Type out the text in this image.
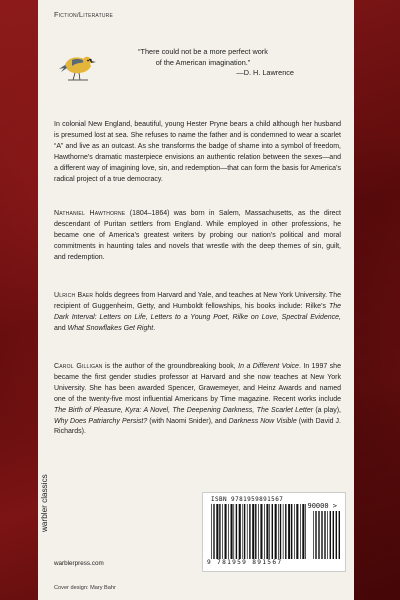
Fiction/Literature
“There could not be a more perfect work
of the American imagination.”

—D. H. Lawrence

In colonial New England, beautiful, young Hester Pryne bears a child although her husband is presumed lost at sea. She refuses to name the father and is condemned to wear a scarlet “A” and live as an outcast. As she transforms the badge of shame into a symbol of freedom, Hawthorne’s dramatic masterpiece envisions an authentic relation between the sexes—and a different way of imagining love, sin, and redemption—that can form the basis for America’s radical project of a true democracy.

Nathaniel Hawthorne (1804–1864) was born in Salem, Massachusetts, as the direct descendant of Puritan settlers from England. While employed in other professions, he became one of America’s greatest writers by probing our nation’s political and moral commitments in haunting tales and novels that wrestle with the deep themes of sin, guilt, and redemption.

Ulrich Baer holds degrees from Harvard and Yale, and teaches at New York University. The recipient of Guggenheim, Getty, and Humboldt fellowships, his books include: Rilke’s The Dark Interval: Letters on Life, Letters to a Young Poet, Rilke on Love, Spectral Evidence, and What Snowflakes Get Right.

Carol Gilligan is the author of the groundbreaking book, In a Different Voice. In 1997 she became the first gender studies professor at Harvard and she now teaches at New York University. She has been awarded Spencer, Grawemeyer, and Heinz Awards and named one of the twenty-five most influential Americans by Time magazine. Recent works include The Birth of Pleasure, Kyra: A Novel, The Deepening Darkness, The Scarlet Letter (a play), Why Does Patriarchy Persist? (with Naomi Snider), and Darkness Now Visible (with David J. Richards).

warbler classics	ISBN 9781959891567
90000 >
9 781959 891567
warblerpress.com
Cover design: Mary Bahr
